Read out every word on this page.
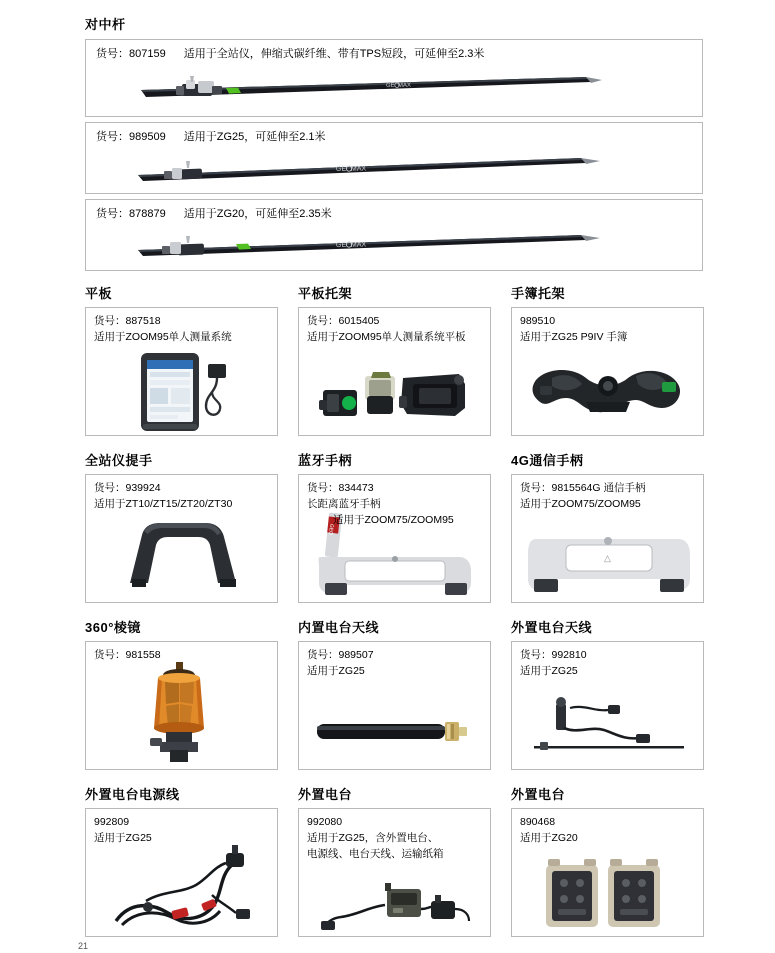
对中杆
货号：807159 适用于全站仪，伸缩式碳纤维、带有TPS短段，可延伸至2.3米
GE MAX
货号：989509 适用于ZG25，可延伸至2.1米
GE MAX
货号：878879 适用于ZG20，可延伸至2.35米
GE MAX
平板
货号：887518
适用于ZOOM95单人测量系统
平板托架
货号：6015405
适用于ZOOM95单人测量系统平板
手簿托架
989510
适用于ZG25 P9IV 手簿
全站仪提手
货号：939924
适用于ZT10/ZT15/ZT20/ZT30
蓝牙手柄
货号：834473
长距离蓝牙手柄
适用于ZOOM75/ZOOM95
GEO
4G通信手柄
货号：9815564G 通信手柄
适用于ZOOM75/ZOOM95
△
360°棱镜
货号：981558
内置电台天线
货号：989507
适用于ZG25
外置电台天线
货号：992810
适用于ZG25
外置电台电源线
992809
适用于ZG25
外置电台
992080
适用于ZG25，含外置电台、
电源线、电台天线、运输纸箱
外置电台
890468
适用于ZG20
21
